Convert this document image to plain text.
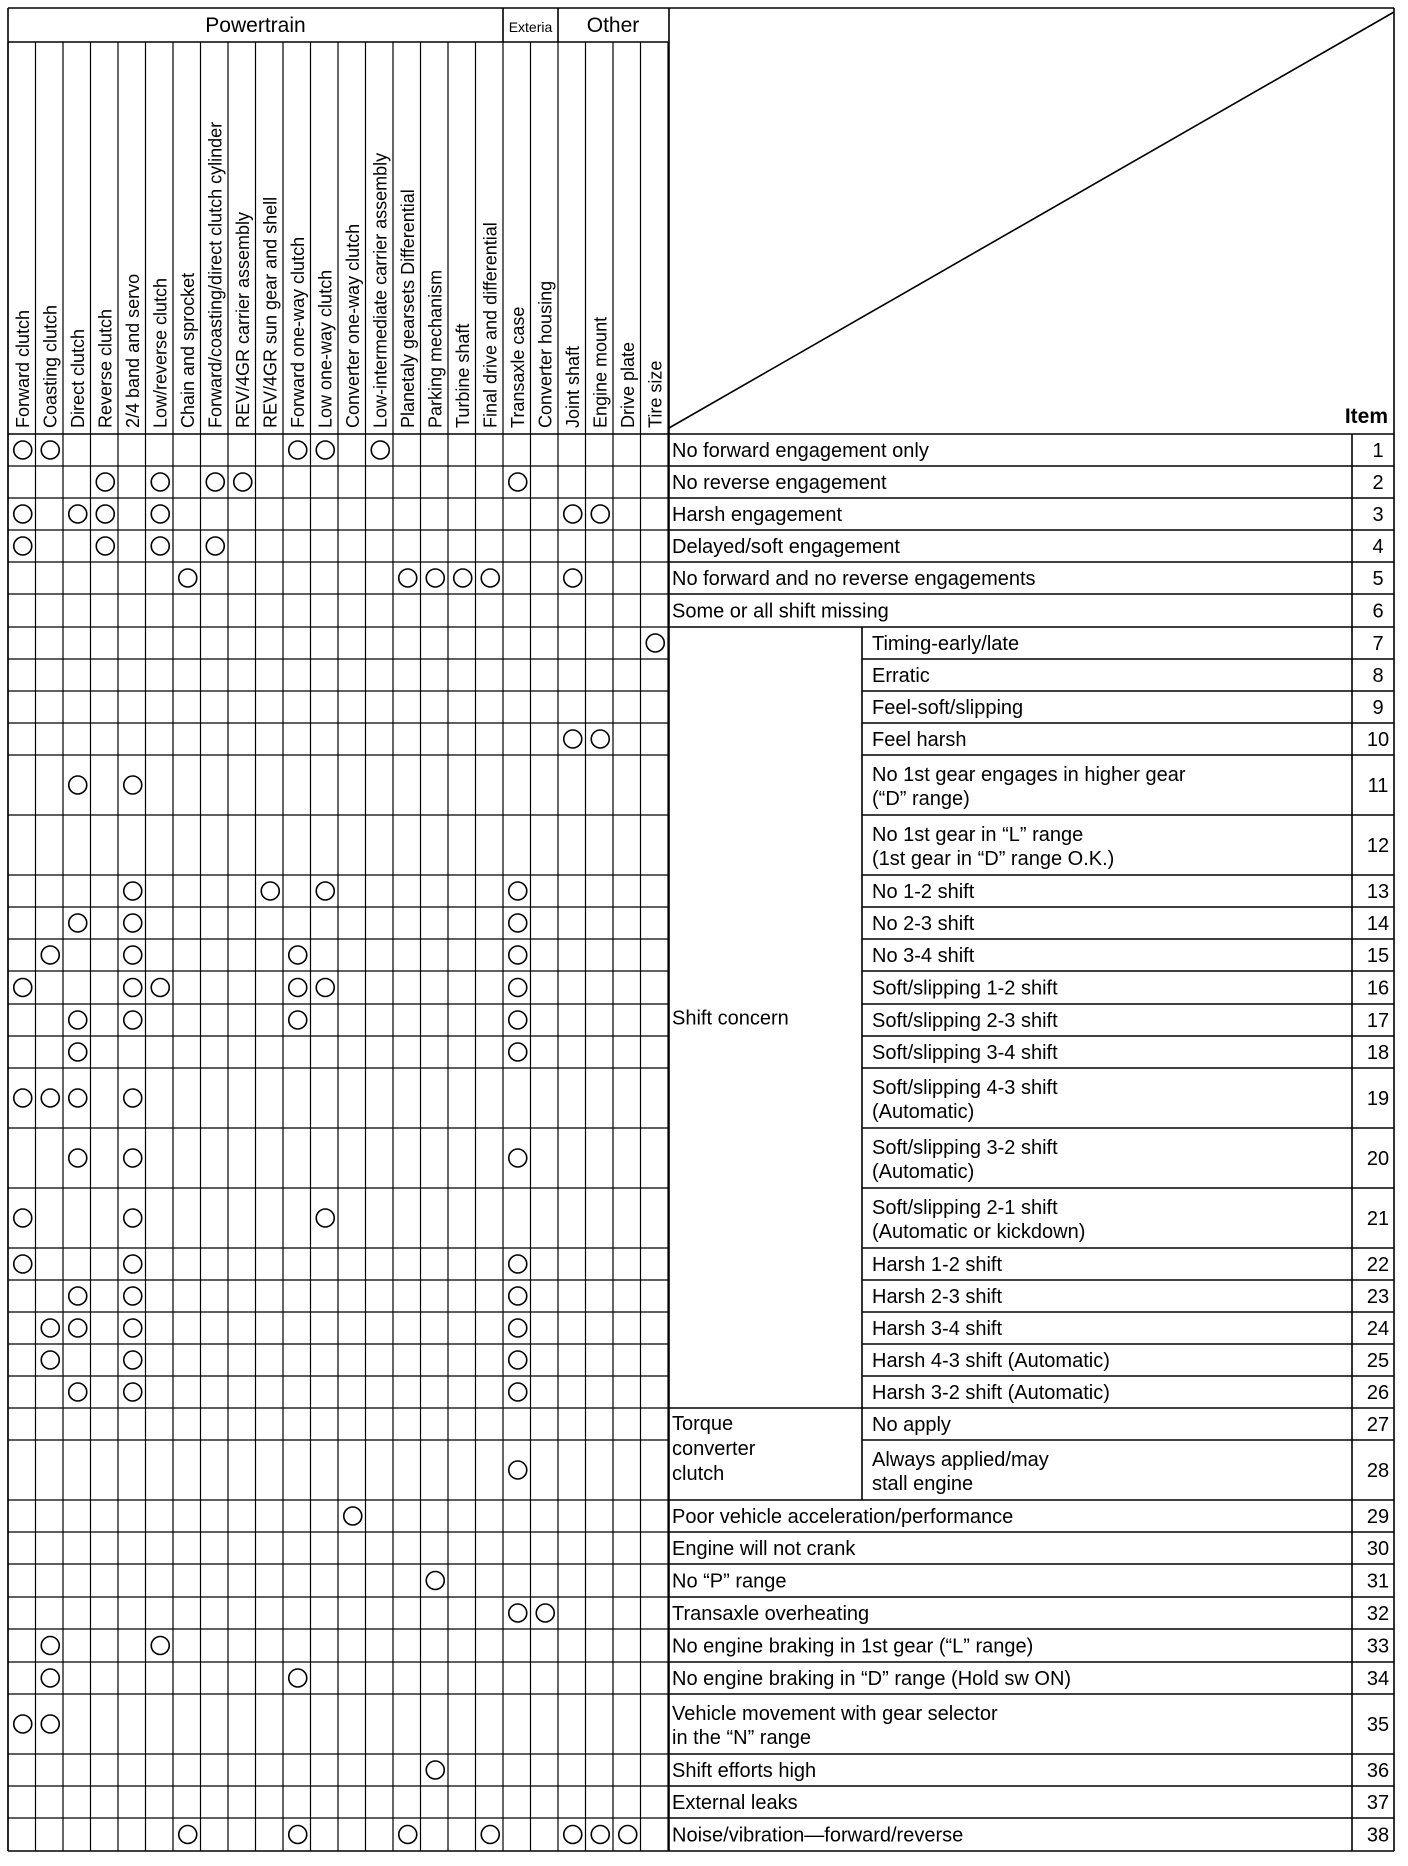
Powertrain	Exteria Other
Forward clutch Coasting clutch Direct clutch Reverse clutch 2/4 band and servo Low/reverse clutch Chain and sprocket Forward/coasting/direct clutch cylinder REV/4GR carrier assembly REV/4GR sun gear and shell Forward one-way clutch Low one-way clutch Converter one-way clutch Low-intermediate carrier assembly Planetaly gearsets Differential Parking mechanism Turbine shaft Final drive and differential Transaxle case Converter housing Joint shaft Engine mount Drive plate Tire size	Item
1
No forward engagement only
2
No reverse engagement
3
Harsh engagement
4
Delayed/soft engagement
5
No forward and no reverse engagements
6
Some or all shift missing
7
Timing-early/late
8
Erratic
9
Feel-soft/slipping
10
Feel harsh
11
No 1st gear engages in higher gear
(“D” range)
12
No 1st gear in “L” range
(1st gear in “D” range O.K.)
13
No 1-2 shift
14
No 2-3 shift
15
No 3-4 shift
16
Soft/slipping 1-2 shift
17
Soft/slipping 2-3 shift
18
Soft/slipping 3-4 shift
19
Soft/slipping 4-3 shift
(Automatic)
20
Soft/slipping 3-2 shift
(Automatic)
21
Soft/slipping 2-1 shift
(Automatic or kickdown)
22
Harsh 1-2 shift
23
Harsh 2-3 shift
24
Harsh 3-4 shift
25
Harsh 4-3 shift (Automatic)
26
Harsh 3-2 shift (Automatic)
27
No apply
28
Always applied/may
stall engine
29
Poor vehicle acceleration/performance
30
Engine will not crank
31
No “P” range
32
Transaxle overheating
33
No engine braking in 1st gear (“L” range)
34
No engine braking in “D” range (Hold sw ON)
35
Vehicle movement with gear selector in the “N” range
36
Shift efforts high
37
External leaks
38
Noise/vibration—forward/reverse
Shift concern
Torque
converter
clutch
